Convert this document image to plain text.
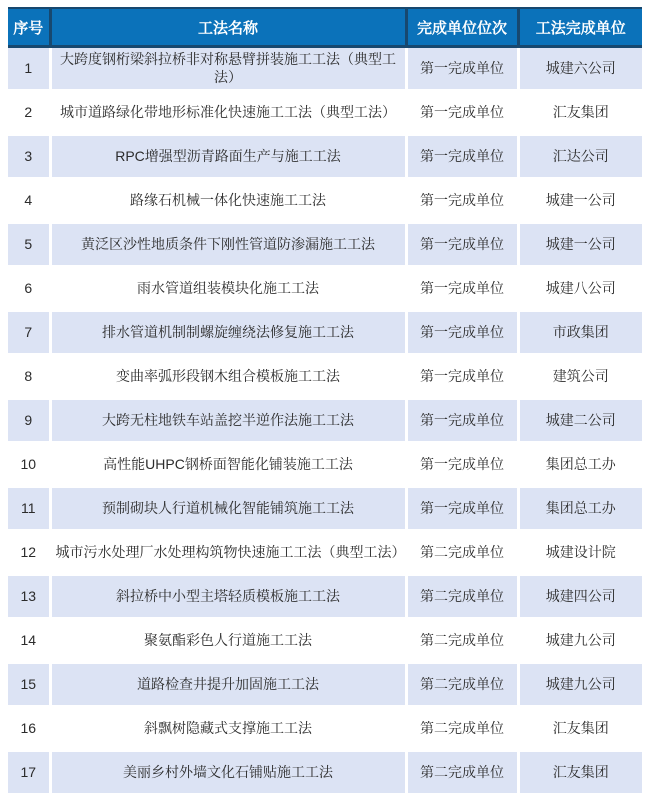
序号	工法名称	完成单位位次	工法完成单位
1	大跨度钢桁梁斜拉桥非对称悬臂拼装施工工法（典型工法）	第一完成单位	城建六公司
2	城市道路绿化带地形标准化快速施工工法（典型工法）	第一完成单位	汇友集团
3	RPC增强型沥青路面生产与施工工法	第一完成单位	汇达公司
4	路缘石机械一体化快速施工工法	第一完成单位	城建一公司
5	黄泛区沙性地质条件下刚性管道防渗漏施工工法	第一完成单位	城建一公司
6	雨水管道组装模块化施工工法	第一完成单位	城建八公司
7	排水管道机制制螺旋缠绕法修复施工工法	第一完成单位	市政集团
8	变曲率弧形段钢木组合模板施工工法	第一完成单位	建筑公司
9	大跨无柱地铁车站盖挖半逆作法施工工法	第一完成单位	城建二公司
10	高性能UHPC钢桥面智能化铺装施工工法	第一完成单位	集团总工办
11	预制砌块人行道机械化智能铺筑施工工法	第一完成单位	集团总工办
12	城市污水处理厂水处理构筑物快速施工工法（典型工法）	第二完成单位	城建设计院
13	斜拉桥中小型主塔轻质模板施工工法	第二完成单位	城建四公司
14	聚氨酯彩色人行道施工工法	第二完成单位	城建九公司
15	道路检查井提升加固施工工法	第二完成单位	城建九公司
16	斜飘树隐藏式支撑施工工法	第二完成单位	汇友集团
17	美丽乡村外墙文化石铺贴施工工法	第二完成单位	汇友集团
